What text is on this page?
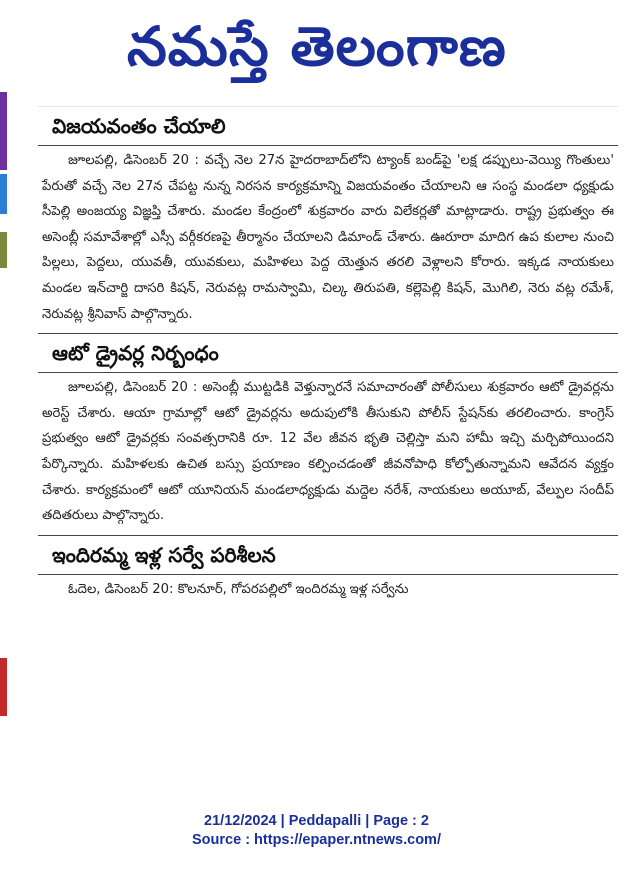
నమస్తే తెలంగాణ
విజయవంతం చేయాలి

జూలపల్లి, డిసెంబర్ 20 : వచ్చే నెల 27న హైదరాబాద్‌లోని ట్యాంక్ బండ్‌పై 'లక్ష డప్పులు-వెయ్యి గొంతులు' పేరుతో వచ్చే నెల 27న చేపట్ట నున్న నిరసన కార్యక్రమాన్ని విజయవంతం చేయాలని ఆ సంస్థ మండలా ధ్యక్షుడు సీపెల్లి అంజయ్య విజ్ఞప్తి చేశారు. మండల కేంద్రంలో శుక్రవారం వారు విలేకర్లతో మాట్లాడారు. రాష్ట్ర ప్రభుత్వం ఈ అసెంబ్లీ సమావేశాల్లో ఎస్సీ వర్గీకరణపై తీర్మానం చేయాలని డిమాండ్ చేశారు. ఊరూరా మాదిగ ఉప కులాల నుంచి పిల్లలు, పెద్దలు, యువతీ, యువకులు, మహిళలు పెద్ద యెత్తున తరలి వెళ్లాలని కోరారు. ఇక్కడ నాయకులు మండల ఇన్‌చార్జి దాసరి కిషన్, నెరువట్ల రామస్వామి, చిల్క తిరుపతి, కల్లెపెల్లి కిషన్, మొగిలి, నెరు వట్ల రమేశ్, నెరువట్ల శ్రీనివాస్ పాల్గొన్నారు.

ఆటో డ్రైవర్ల నిర్బంధం

జూలపల్లి, డిసెంబర్ 20 : అసెంబ్లీ ముట్టడికి వెళ్తున్నారనే సమాచారంతో పోలీసులు శుక్రవారం ఆటో డ్రైవర్లను అరెస్ట్ చేశారు. ఆయా గ్రామాల్లో ఆటో డ్రైవర్లను అదుపులోకి తీసుకుని పోలీస్ స్టేషన్‌కు తరలించారు. కాంగ్రెస్ ప్రభుత్వం ఆటో డ్రైవర్లకు సంవత్సరానికి రూ. 12 వేల జీవన భృతి చెల్లిస్తా మని హామీ ఇచ్చి మర్చిపోయిందని పేర్కొన్నారు. మహిళలకు ఉచిత బస్సు ప్రయాణం కల్పించడంతో జీవనోపాధి కోల్పోతున్నామని ఆవేదన వ్యక్తం చేశారు. కార్యక్రమంలో ఆటో యూనియన్ మండలాధ్యక్షుడు మద్దెల నరేశ్, నాయకులు అయూబ్, వేల్పుల సందీప్ తదితరులు పాల్గొన్నారు.

ఇందిరమ్మ ఇళ్ల సర్వే పరిశీలన

ఓదెల, డిసెంబర్ 20: కొలనూర్, గోపరపల్లిలో ఇందిరమ్మ ఇళ్ల సర్వేను

21/12/2024 | Peddapalli | Page : 2
Source : https://epaper.ntnews.com/
